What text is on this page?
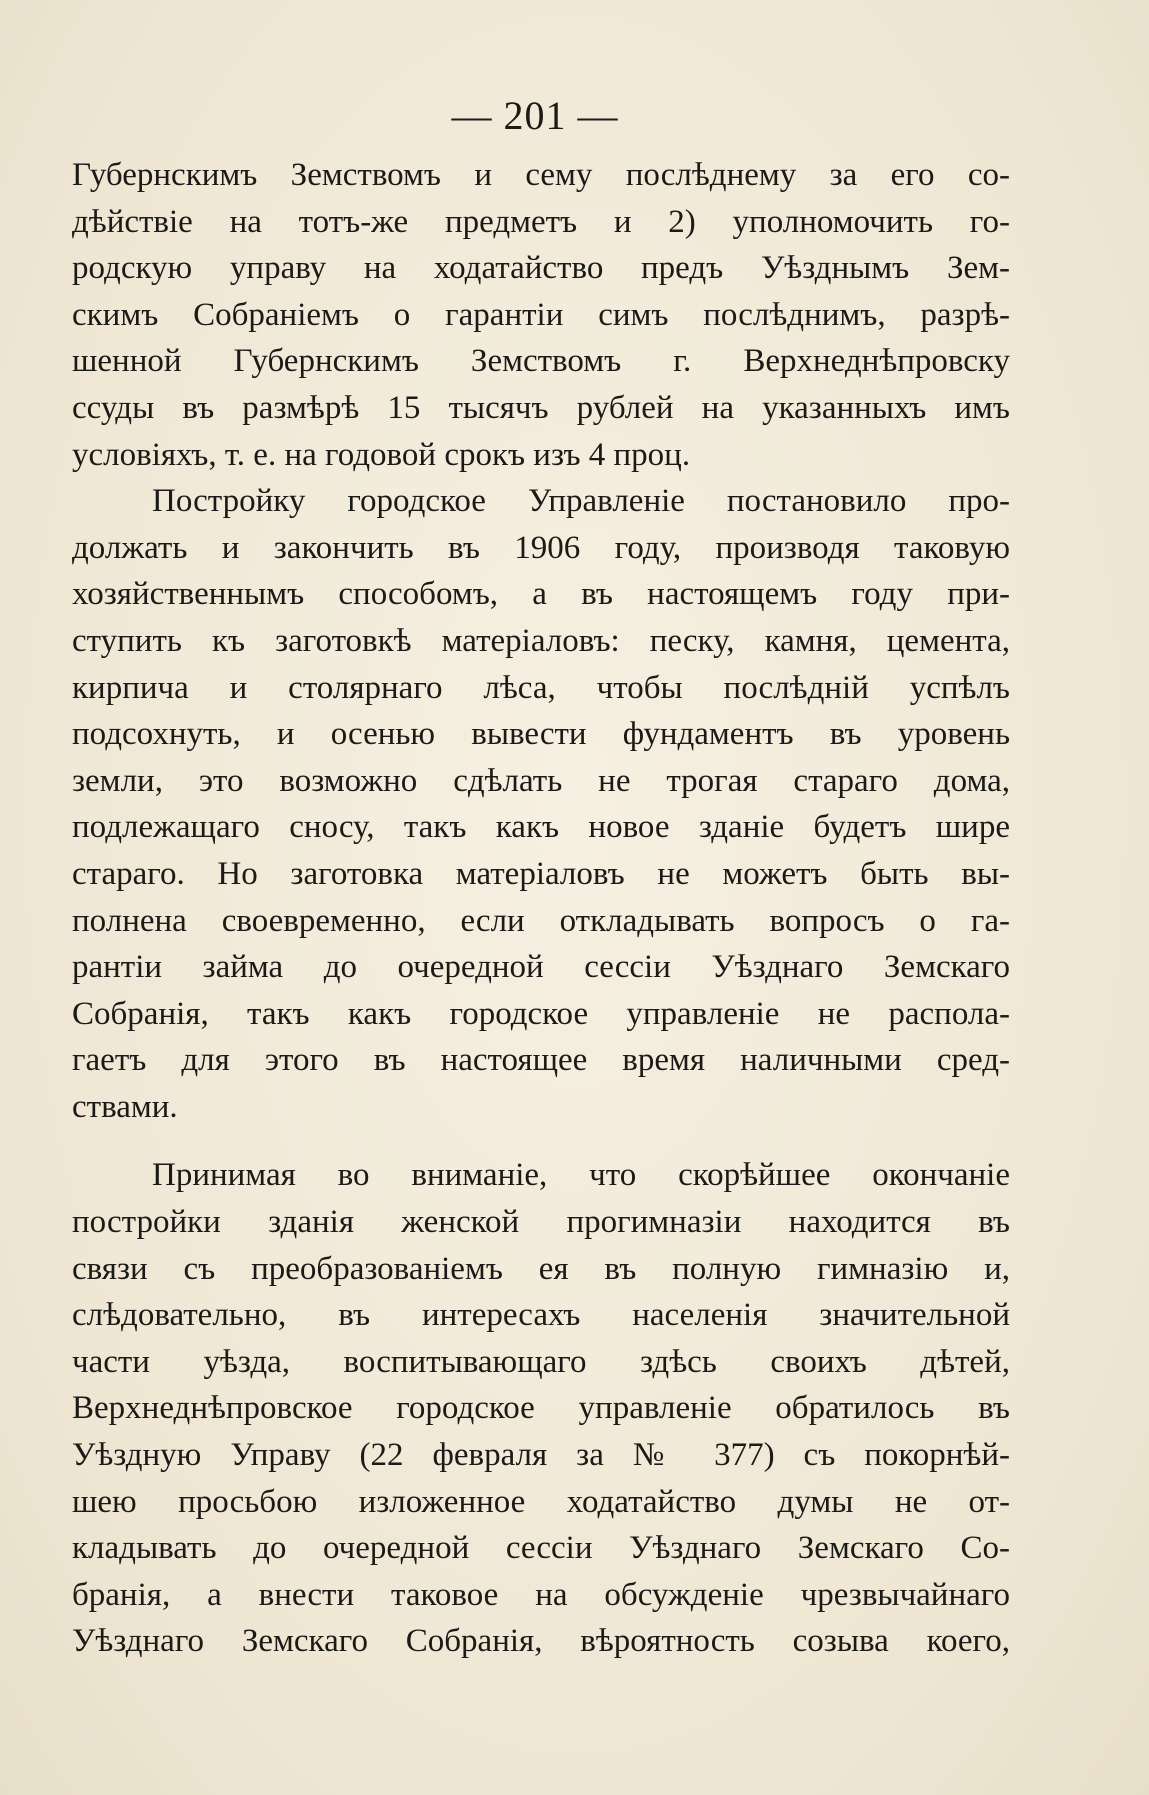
— 201 —
Губернскимъ Земствомъ и сему послѣднему за его со-
дѣйствіе на тотъ-же предметъ и 2) уполномочить го-
родскую управу на ходатайство предъ Уѣзднымъ Зем-
скимъ Собраніемъ о гарантіи симъ послѣднимъ, разрѣ-
шенной Губернскимъ Земствомъ г. Верхнеднѣпровску
ссуды въ размѣрѣ 15 тысячъ рублей на указанныхъ имъ
условіяхъ, т. е. на годовой срокъ изъ 4 проц.
Постройку городское Управленіе постановило про-
должать и закончить въ 1906 году, производя таковую
хозяйственнымъ способомъ, а въ настоящемъ году при-
ступить къ заготовкѣ матеріаловъ: песку, камня, цемента,
кирпича и столярнаго лѣса, чтобы послѣдній успѣлъ
подсохнуть, и осенью вывести фундаментъ въ уровень
земли, это возможно сдѣлать не трогая стараго дома,
подлежащаго сносу, такъ какъ новое зданіе будетъ шире
стараго. Но заготовка матеріаловъ не можетъ быть вы-
полнена своевременно, если откладывать вопросъ о га-
рантіи займа до очередной сессіи Уѣзднаго Земскаго
Собранія, такъ какъ городское управленіе не распола-
гаетъ для этого въ настоящее время наличными сред-
ствами.
Принимая во вниманіе, что скорѣйшее окончаніе
постройки зданія женской прогимназіи находится въ
связи съ преобразованіемъ ея въ полную гимназію и,
слѣдовательно, въ интересахъ населенія значительной
части уѣзда, воспитывающаго здѣсь своихъ дѣтей,
Верхнеднѣпровское городское управленіе обратилось въ
Уѣздную Управу (22 февраля за № 377) съ покорнѣй-
шею просьбою изложенное ходатайство думы не от-
кладывать до очередной сессіи Уѣзднаго Земскаго Со-
бранія, а внести таковое на обсужденіе чрезвычайнаго
Уѣзднаго Земскаго Собранія, вѣроятность созыва коего,
